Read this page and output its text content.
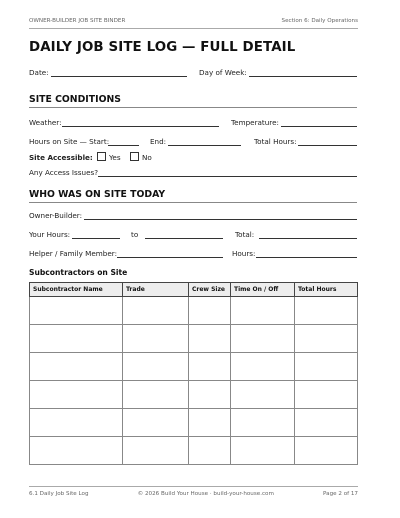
OWNER-BUILDER JOB SITE BINDER	Section 6: Daily Operations
DAILY JOB SITE LOG — FULL DETAIL
Date:	Day of Week:
SITE CONDITIONS
Weather:	Temperature:
Hours on Site — Start:	End:	Total Hours:
Site Accessible: Yes	No
Any Access Issues?
WHO WAS ON SITE TODAY
Owner-Builder:
Your Hours:	to	Total:
Helper / Family Member:	Hours:
Subcontractors on Site
Subcontractor Name	Trade	Crew Size	Time On / Off	Total Hours

6.1 Daily Job Site Log	© 2026 Build Your House · build-your-house.com	Page 2 of 17
